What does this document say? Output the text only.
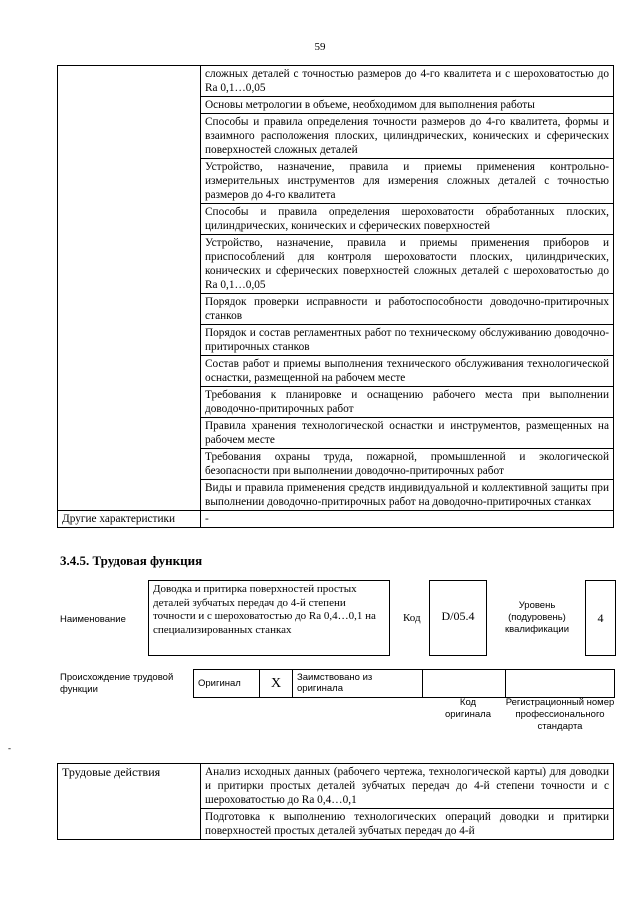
59
	сложных деталей с точностью размеров до 4-го квалитета и с шероховатостью до Ra 0,1…0,05
	Основы метрологии в объеме, необходимом для выполнения работы
	Способы и правила определения точности размеров до 4-го квалитета, формы и взаимного расположения плоских, цилиндрических, конических и сферических поверхностей сложных деталей
	Устройство, назначение, правила и приемы применения контрольно-измерительных инструментов для измерения сложных деталей с точностью размеров до 4-го квалитета
	Способы и правила определения шероховатости обработанных плоских, цилиндрических, конических и сферических поверхностей
	Устройство, назначение, правила и приемы применения приборов и приспособлений для контроля шероховатости плоских, цилиндрических, конических и сферических поверхностей сложных деталей с шероховатостью до Ra 0,1…0,05
	Порядок проверки исправности и работоспособности доводочно-притирочных станков
	Порядок и состав регламентных работ по техническому обслуживанию доводочно-притирочных станков
	Состав работ и приемы выполнения технического обслуживания технологической оснастки, размещенной на рабочем месте
	Требования к планировке и оснащению рабочего места при выполнении доводочно-притирочных работ
	Правила хранения технологической оснастки и инструментов, размещенных на рабочем месте
	Требования охраны труда, пожарной, промышленной и экологической безопасности при выполнении доводочно-притирочных работ
	Виды и правила применения средств индивидуальной и коллективной защиты при выполнении доводочно-притирочных работ на доводочно-притирочных станках
Другие характеристики	-
3.4.5. Трудовая функция
Наименование
Доводка и притирка поверхностей простых деталей зубчатых передач до 4-й степени точности и с шероховатостью до Ra 0,4…0,1 на специализированных станках
Код	D/05.4
Уровень (подуровень) квалификации
4
Происхождение трудовой функции
Оригинал	X	Заимствовано из оригинала		
Код оригинала
Регистрационный номер профессионального стандарта
-
Трудовые действия	Анализ исходных данных (рабочего чертежа, технологической карты) для доводки и притирки простых деталей зубчатых передач до 4-й степени точности и с шероховатостью до Ra 0,4…0,1
Подготовка к выполнению технологических операций доводки и притирки поверхностей простых деталей зубчатых передач до 4-й
